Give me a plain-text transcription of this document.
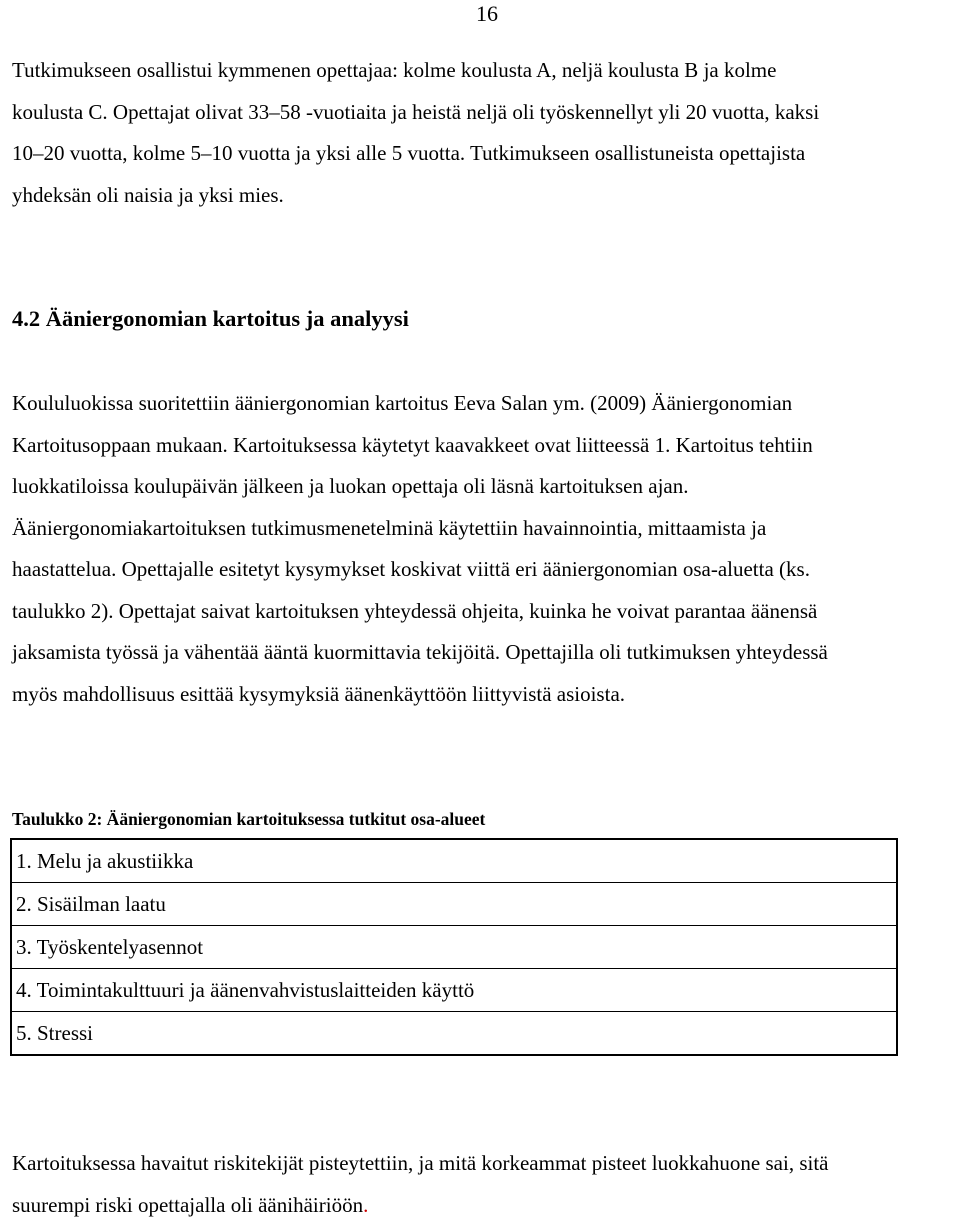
16

Tutkimukseen osallistui kymmenen opettajaa: kolme koulusta A, neljä koulusta B ja kolme
koulusta C. Opettajat olivat 33–58 -vuotiaita ja heistä neljä oli työskennellyt yli 20 vuotta, kaksi
10–20 vuotta, kolme 5–10 vuotta ja yksi alle 5 vuotta. Tutkimukseen osallistuneista opettajista
yhdeksän oli naisia ja yksi mies.

4.2 Ääniergonomian kartoitus ja analyysi

Koululuokissa suoritettiin ääniergonomian kartoitus Eeva Salan ym. (2009) Ääniergonomian
Kartoitusoppaan mukaan. Kartoituksessa käytetyt kaavakkeet ovat liitteessä 1. Kartoitus tehtiin
luokkatiloissa koulupäivän jälkeen ja luokan opettaja oli läsnä kartoituksen ajan.
Ääniergonomiakartoituksen tutkimusmenetelminä käytettiin havainnointia, mittaamista ja
haastattelua. Opettajalle esitetyt kysymykset koskivat viittä eri ääniergonomian osa-aluetta (ks.
taulukko 2). Opettajat saivat kartoituksen yhteydessä ohjeita, kuinka he voivat parantaa äänensä
jaksamista työssä ja vähentää ääntä kuormittavia tekijöitä. Opettajilla oli tutkimuksen yhteydessä
myös mahdollisuus esittää kysymyksiä äänenkäyttöön liittyvistä asioista.

Taulukko 2: Ääniergonomian kartoituksessa tutkitut osa-alueet
1. Melu ja akustiikka
2. Sisäilman laatu
3. Työskentelyasennot
4. Toimintakulttuuri ja äänenvahvistuslaitteiden käyttö
5. Stressi

Kartoituksessa havaitut riskitekijät pisteytettiin, ja mitä korkeammat pisteet luokkahuone sai, sitä
suurempi riski opettajalla oli äänihäiriöön.
